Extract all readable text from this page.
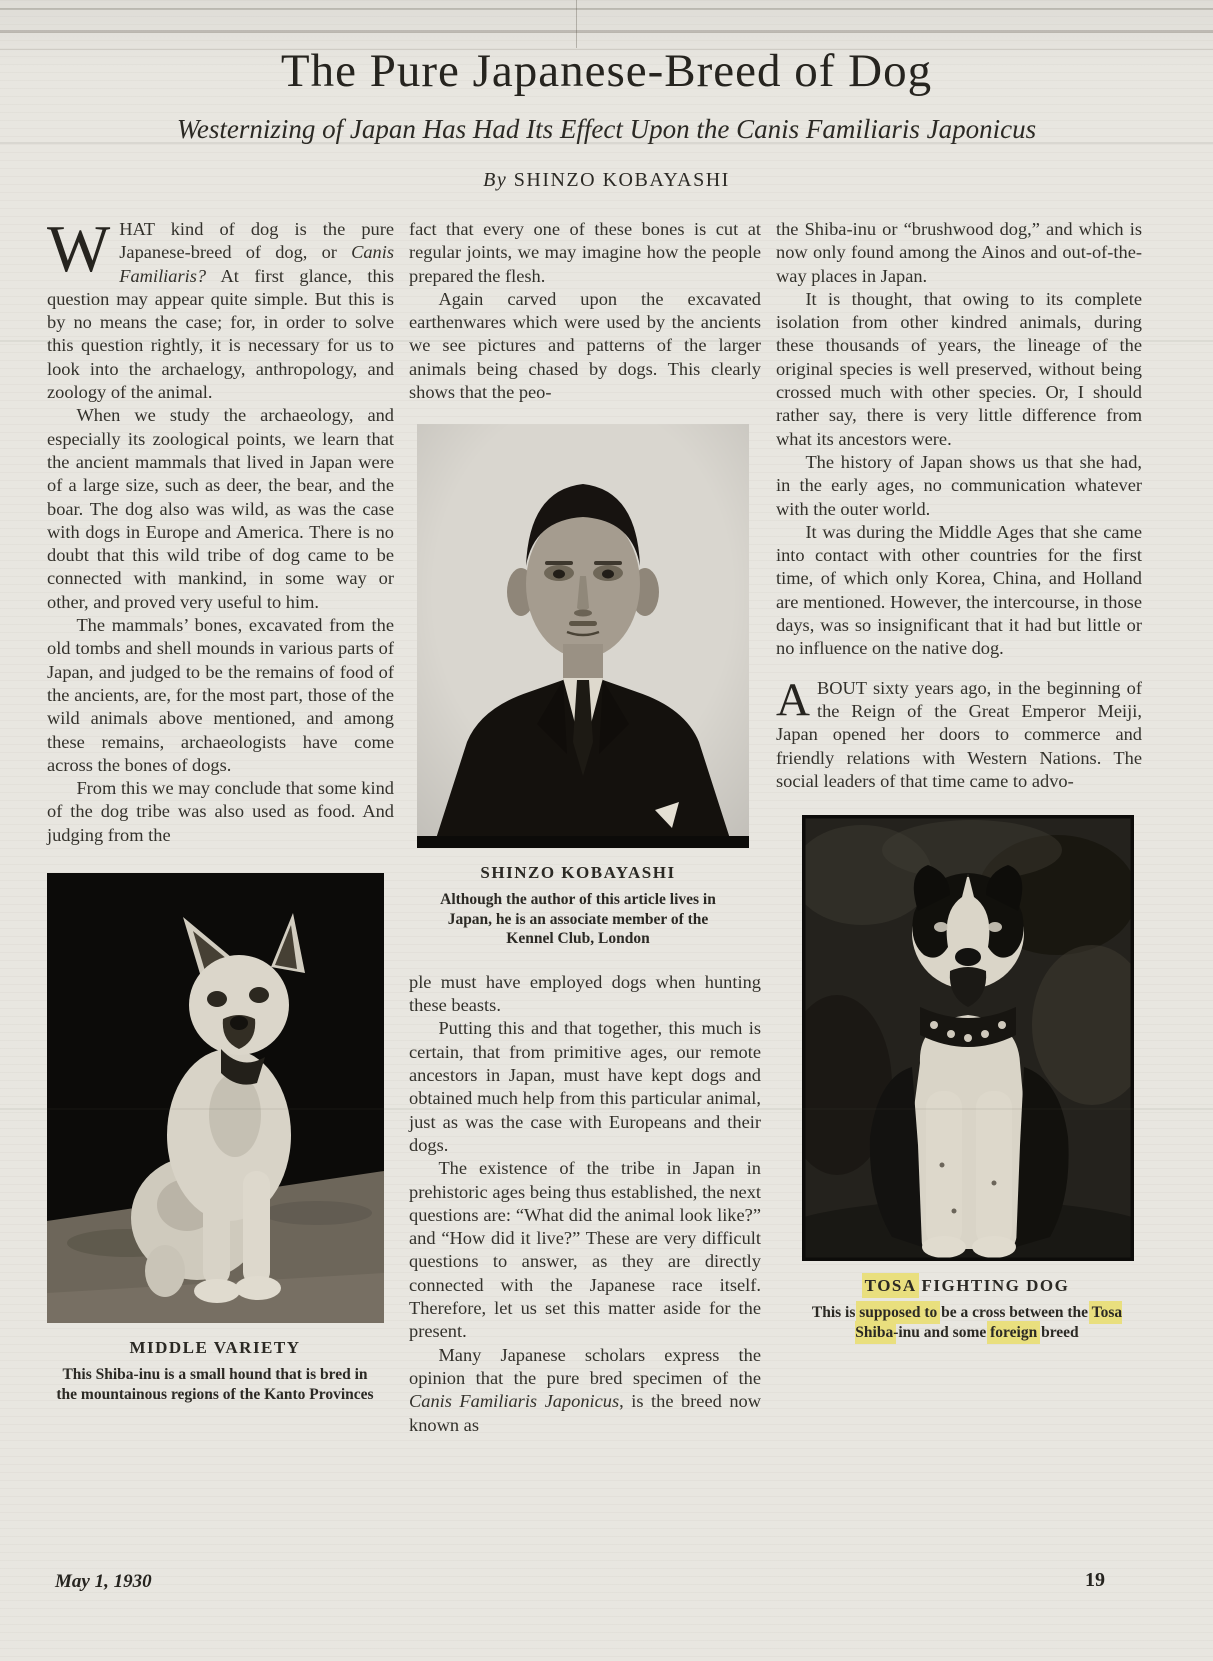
The Pure Japanese-Breed of Dog
Westernizing of Japan Has Had Its Effect Upon the Canis Familiaris Japonicus
By SHINZO KOBAYASHI

WHAT kind of dog is the pure Japanese-breed of dog, or Canis Familiaris? At first glance, this question may appear quite simple. But this is by no means the case; for, in order to solve this question rightly, it is necessary for us to look into the archaelogy, anthropology, and zoology of the animal.

When we study the archaeology, and especially its zoological points, we learn that the ancient mammals that lived in Japan were of a large size, such as deer, the bear, and the boar. The dog also was wild, as was the case with dogs in Europe and America. There is no doubt that this wild tribe of dog came to be connected with mankind, in some way or other, and proved very useful to him.

The mammals’ bones, excavated from the old tombs and shell mounds in various parts of Japan, and judged to be the remains of food of the ancients, are, for the most part, those of the wild animals above mentioned, and among these remains, archaeologists have come across the bones of dogs.

From this we may conclude that some kind of the dog tribe was also used as food. And judging from the

MIDDLE VARIETY
This Shiba-inu is a small hound that is bred in the mountainous regions of the Kanto Provinces

fact that every one of these bones is cut at regular joints, we may imagine how the people prepared the flesh.

Again carved upon the excavated earthenwares which were used by the ancients we see pictures and patterns of the larger animals being chased by dogs. This clearly shows that the peo-

SHINZO KOBAYASHI
Although the author of this article lives in Japan, he is an associate member of the Kennel Club, London

ple must have employed dogs when hunting these beasts.

Putting this and that together, this much is certain, that from primitive ages, our remote ancestors in Japan, must have kept dogs and obtained much help from this particular animal, just as was the case with Europeans and their dogs.

The existence of the tribe in Japan in prehistoric ages being thus established, the next questions are: “What did the animal look like?” and “How did it live?” These are very difficult questions to answer, as they are directly connected with the Japanese race itself. Therefore, let us set this matter aside for the present.

Many Japanese scholars express the opinion that the pure bred specimen of the Canis Familiaris Japonicus, is the breed now known as

the Shiba-inu or “brushwood dog,” and which is now only found among the Ainos and out-of-the-way places in Japan.

It is thought, that owing to its complete isolation from other kindred animals, during these thousands of years, the lineage of the original species is well preserved, without being crossed much with other species. Or, I should rather say, there is very little difference from what its ancestors were.

The history of Japan shows us that she had, in the early ages, no communication whatever with the outer world.

It was during the Middle Ages that she came into contact with other countries for the first time, of which only Korea, China, and Holland are mentioned. However, the intercourse, in those days, was so insignificant that it had but little or no influence on the native dog.

ABOUT sixty years ago, in the beginning of the Reign of the Great Emperor Meiji, Japan opened her doors to commerce and friendly relations with Western Nations. The social leaders of that time came to advo-

TOSA FIGHTING DOG
This is supposed to be a cross between the Tosa Shiba-inu and some foreign breed
May 1, 1930	19
